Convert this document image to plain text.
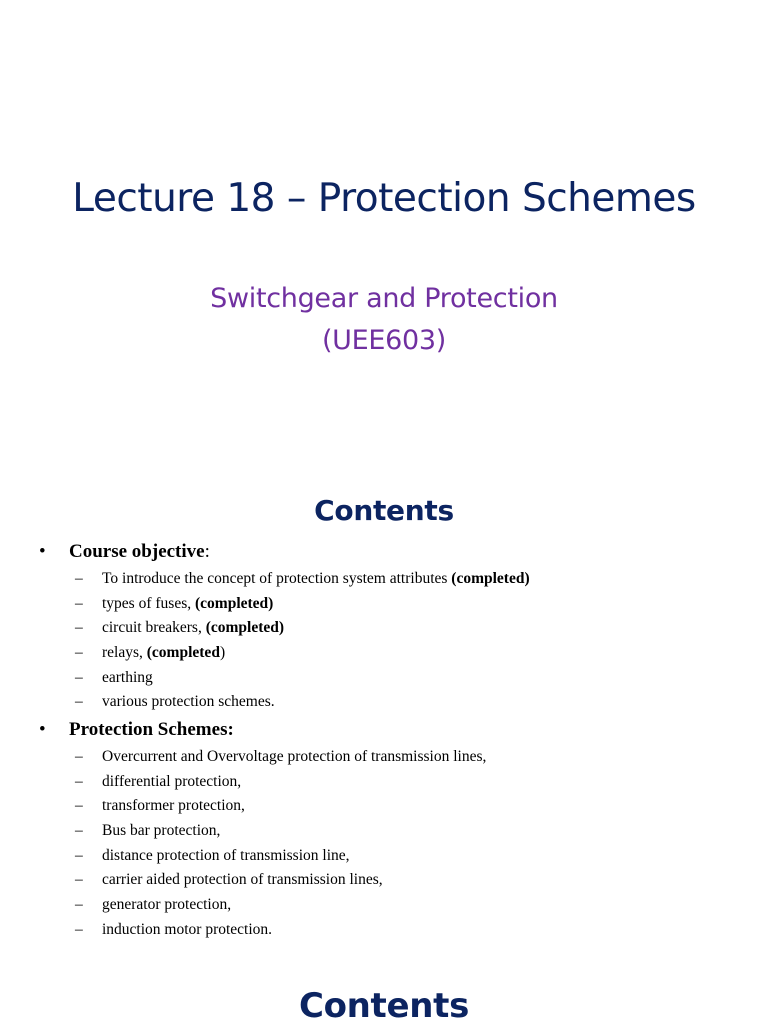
Lecture 18 – Protection Schemes
Switchgear and Protection
(UEE603)
Contents
• Course objective:
– To introduce the concept of protection system attributes (completed)
– types of fuses, (completed)
– circuit breakers, (completed)
– relays, (completed)
– earthing
– various protection schemes.
• Protection Schemes:
– Overcurrent and Overvoltage protection of transmission lines,
– differential protection,
– transformer protection,
– Bus bar protection,
– distance protection of transmission line,
– carrier aided protection of transmission lines,
– generator protection,
– induction motor protection.
Contents
